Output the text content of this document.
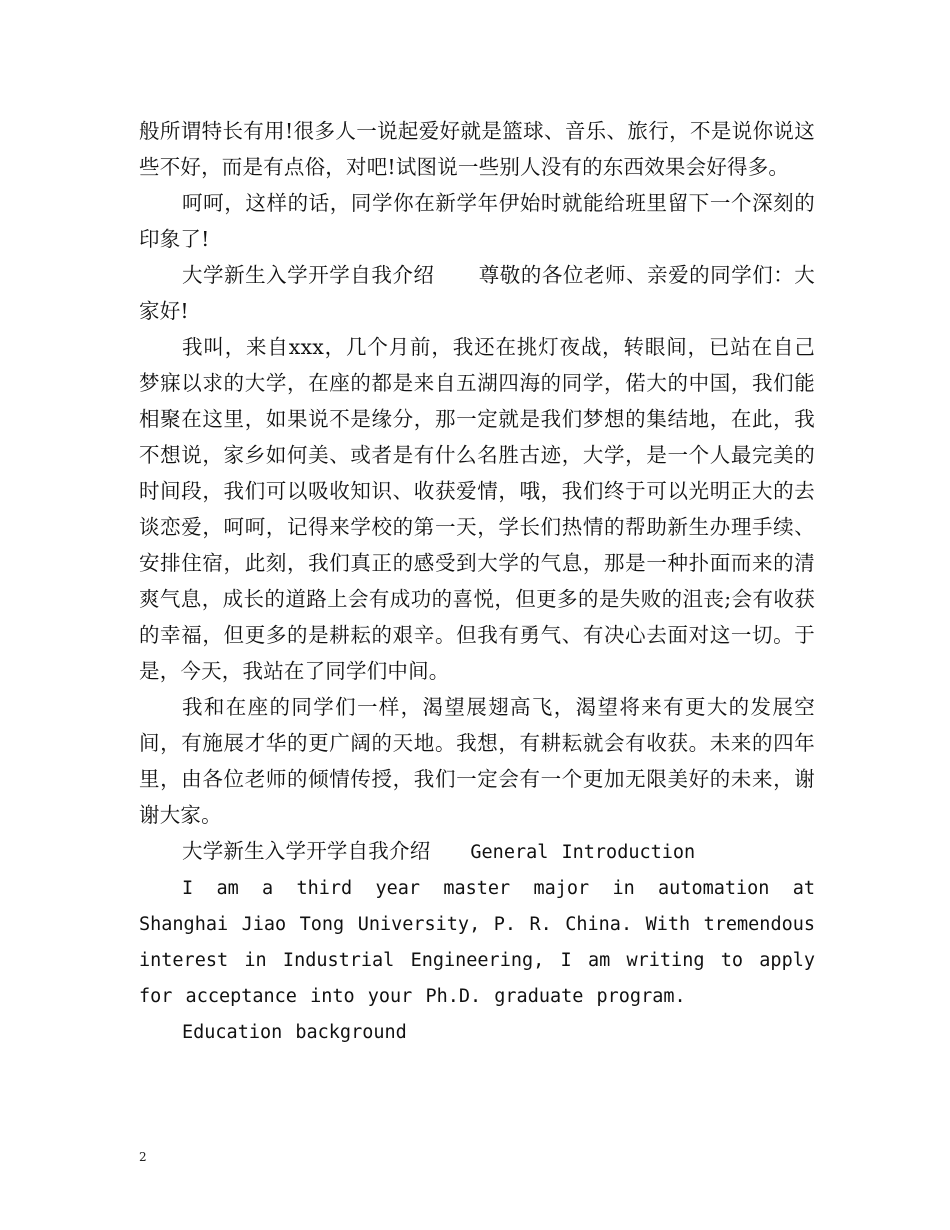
般所谓特长有用!很多人一说起爱好就是篮球、音乐、旅行，不是说你说这些不好，而是有点俗，对吧!试图说一些别人没有的东西效果会好得多。

呵呵，这样的话，同学你在新学年伊始时就能给班里留下一个深刻的印象了!

大学新生入学开学自我介绍 尊敬的各位老师、亲爱的同学们：大家好!

我叫，来自xxx，几个月前，我还在挑灯夜战，转眼间，已站在自己梦寐以求的大学，在座的都是来自五湖四海的同学，偌大的中国，我们能相聚在这里，如果说不是缘分，那一定就是我们梦想的集结地，在此，我不想说，家乡如何美、或者是有什么名胜古迹，大学，是一个人最完美的时间段，我们可以吸收知识、收获爱情，哦，我们终于可以光明正大的去谈恋爱，呵呵，记得来学校的第一天，学长们热情的帮助新生办理手续、安排住宿，此刻，我们真正的感受到大学的气息，那是一种扑面而来的清爽气息，成长的道路上会有成功的喜悦，但更多的是失败的沮丧;会有收获的幸福，但更多的是耕耘的艰辛。但我有勇气、有决心去面对这一切。于是，今天，我站在了同学们中间。

我和在座的同学们一样，渴望展翅高飞，渴望将来有更大的发展空间，有施展才华的更广阔的天地。我想，有耕耘就会有收获。未来的四年里，由各位老师的倾情传授，我们一定会有一个更加无限美好的未来，谢谢大家。

大学新生入学开学自我介绍 General Introduction

I am a third year master major in automation at Shanghai Jiao Tong University, P. R. China. With tremendous interest in Industrial Engineering, I am writing to apply for acceptance into your Ph.D. graduate program.

Education background

2
